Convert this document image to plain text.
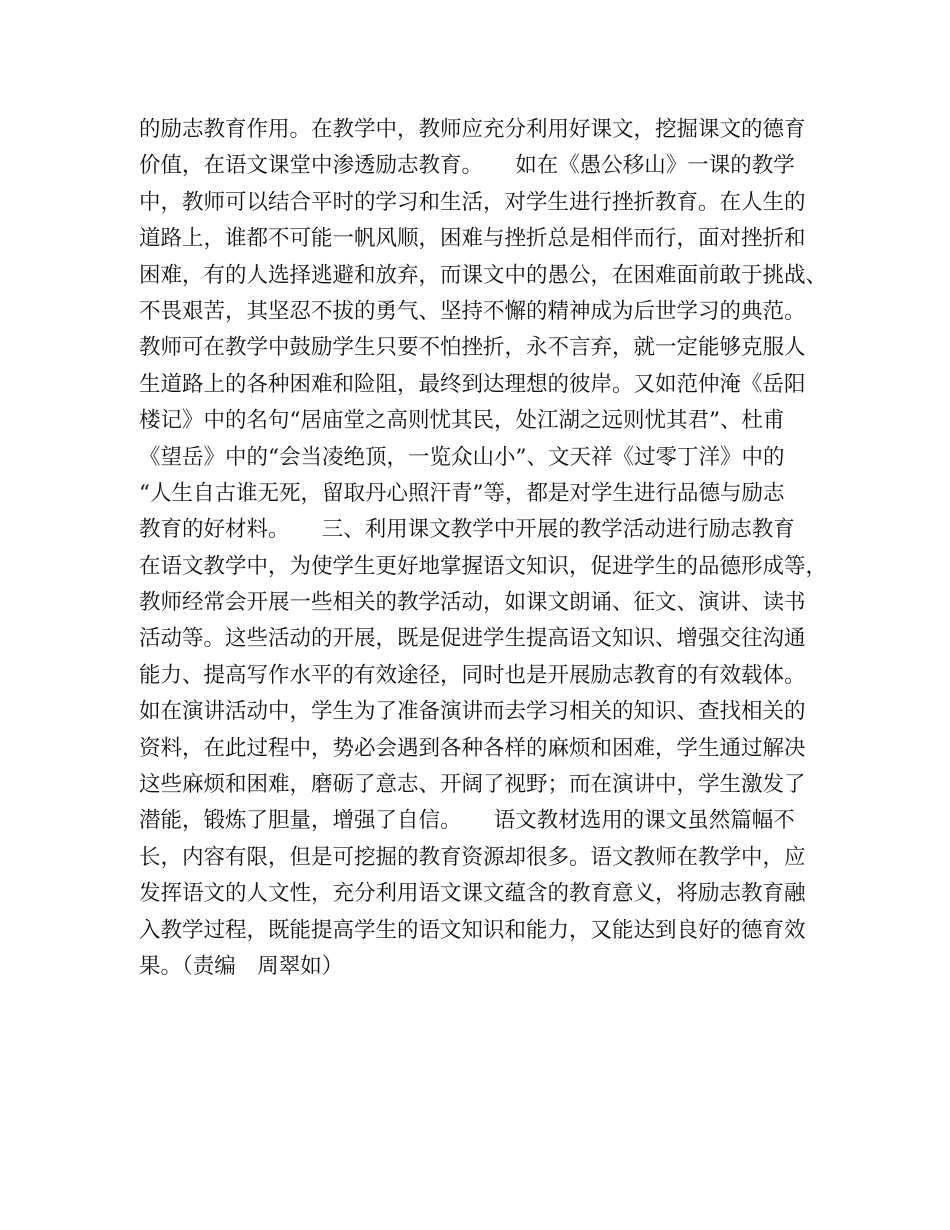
的励志教育作用。在教学中，教师应充分利用好课文，挖掘课文的德育
价值，在语文课堂中渗透励志教育。　　如在《愚公移山》一课的教学
中，教师可以结合平时的学习和生活，对学生进行挫折教育。在人生的
道路上，谁都不可能一帆风顺，困难与挫折总是相伴而行，面对挫折和
困难，有的人选择逃避和放弃，而课文中的愚公，在困难面前敢于挑战、
不畏艰苦，其坚忍不拔的勇气、坚持不懈的精神成为后世学习的典范。
教师可在教学中鼓励学生只要不怕挫折，永不言弃，就一定能够克服人
生道路上的各种困难和险阻，最终到达理想的彼岸。又如范仲淹《岳阳
楼记》中的名句“居庙堂之高则忧其民，处江湖之远则忧其君”、杜甫
《望岳》中的“会当凌绝顶，一览众山小”、文天祥《过零丁洋》中的
“人生自古谁无死，留取丹心照汗青”等，都是对学生进行品德与励志
教育的好材料。　　三、利用课文教学中开展的教学活动进行励志教育
在语文教学中，为使学生更好地掌握语文知识，促进学生的品德形成等，
教师经常会开展一些相关的教学活动，如课文朗诵、征文、演讲、读书
活动等。这些活动的开展，既是促进学生提高语文知识、增强交往沟通
能力、提高写作水平的有效途径，同时也是开展励志教育的有效载体。
如在演讲活动中，学生为了准备演讲而去学习相关的知识、查找相关的
资料，在此过程中，势必会遇到各种各样的麻烦和困难，学生通过解决
这些麻烦和困难，磨砺了意志、开阔了视野；而在演讲中，学生激发了
潜能，锻炼了胆量，增强了自信。　　语文教材选用的课文虽然篇幅不
长，内容有限，但是可挖掘的教育资源却很多。语文教师在教学中，应
发挥语文的人文性，充分利用语文课文蕴含的教育意义，将励志教育融
入教学过程，既能提高学生的语文知识和能力，又能达到良好的德育效
果。（责编　周翠如）
